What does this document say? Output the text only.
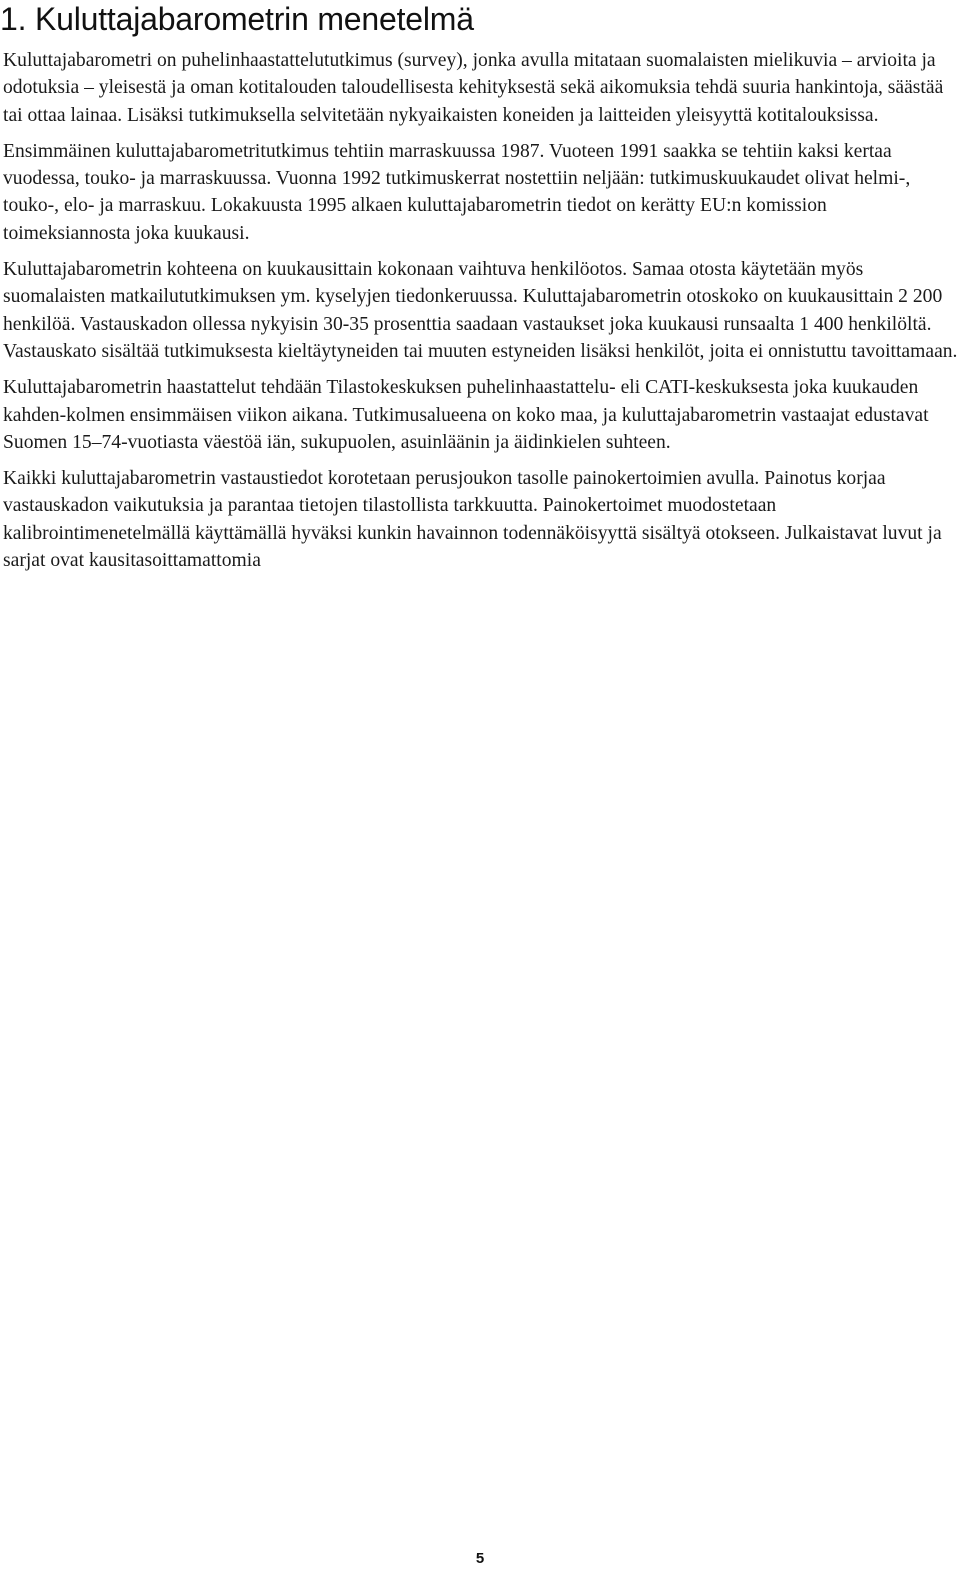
1. Kuluttajabarometrin menetelmä

Kuluttajabarometri on puhelinhaastattelututkimus (survey), jonka avulla mitataan suomalaisten mielikuvia – arvioita ja odotuksia – yleisestä ja oman kotitalouden taloudellisesta kehityksestä sekä aikomuksia tehdä suuria hankintoja, säästää tai ottaa lainaa. Lisäksi tutkimuksella selvitetään nykyaikaisten koneiden ja laitteiden yleisyyttä kotitalouksissa.

Ensimmäinen kuluttajabarometritutkimus tehtiin marraskuussa 1987. Vuoteen 1991 saakka se tehtiin kaksi kertaa vuodessa, touko- ja marraskuussa. Vuonna 1992 tutkimuskerrat nostettiin neljään: tutkimuskuukaudet olivat helmi-, touko-, elo- ja marraskuu. Lokakuusta 1995 alkaen kuluttajabarometrin tiedot on kerätty EU:n komission toimeksiannosta joka kuukausi.

Kuluttajabarometrin kohteena on kuukausittain kokonaan vaihtuva henkilöotos. Samaa otosta käytetään myös suomalaisten matkailututkimuksen ym. kyselyjen tiedonkeruussa. Kuluttajabarometrin otoskoko on kuukausittain 2 200 henkilöä. Vastauskadon ollessa nykyisin 30-35 prosenttia saadaan vastaukset joka kuukausi runsaalta 1 400 henkilöltä. Vastauskato sisältää tutkimuksesta kieltäytyneiden tai muuten estyneiden lisäksi henkilöt, joita ei onnistuttu tavoittamaan.

Kuluttajabarometrin haastattelut tehdään Tilastokeskuksen puhelinhaastattelu- eli CATI-keskuksesta joka kuukauden kahden-kolmen ensimmäisen viikon aikana. Tutkimusalueena on koko maa, ja kuluttajabarometrin vastaajat edustavat Suomen 15–74-vuotiasta väestöä iän, sukupuolen, asuinläänin ja äidinkielen suhteen.

Kaikki kuluttajabarometrin vastaustiedot korotetaan perusjoukon tasolle painokertoimien avulla. Painotus korjaa vastauskadon vaikutuksia ja parantaa tietojen tilastollista tarkkuutta. Painokertoimet muodostetaan kalibrointimenetelmällä käyttämällä hyväksi kunkin havainnon todennäköisyyttä sisältyä otokseen. Julkaistavat luvut ja sarjat ovat kausitasoittamattomia

5
